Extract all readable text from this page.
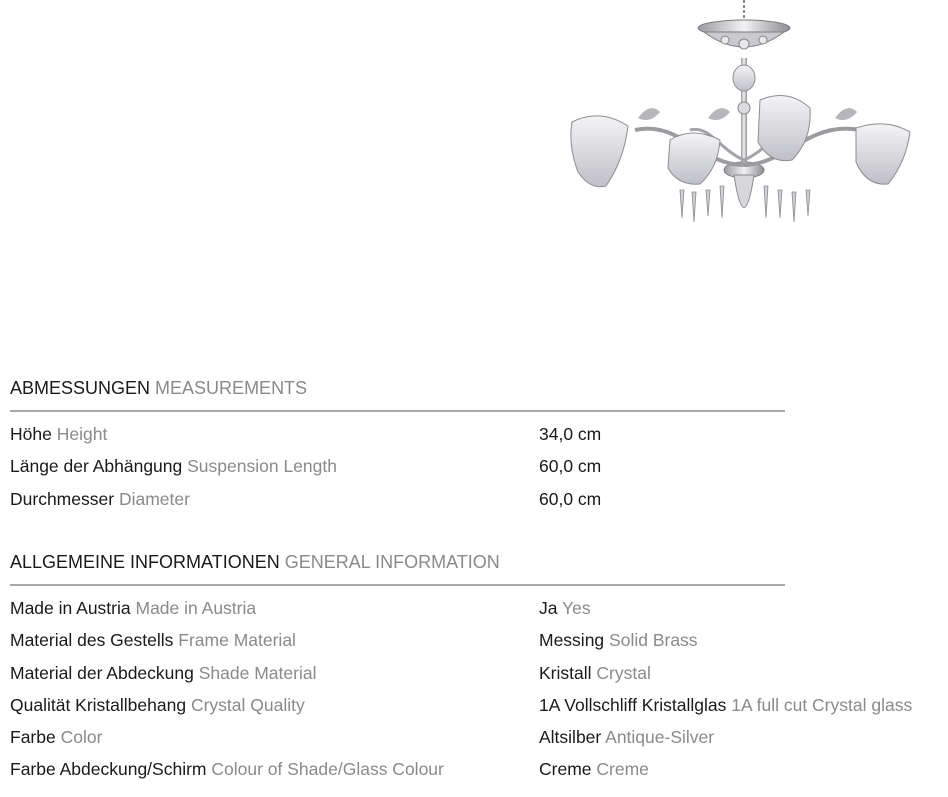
ABMESSUNGEN MEASUREMENTS
Höhe Height	34,0 cm
Länge der Abhängung Suspension Length	60,0 cm
Durchmesser Diameter	60,0 cm
ALLGEMEINE INFORMATIONEN GENERAL INFORMATION
Made in Austria Made in Austria	Ja Yes
Material des Gestells Frame Material	Messing Solid Brass
Material der Abdeckung Shade Material	Kristall Crystal
Qualität Kristallbehang Crystal Quality	1A Vollschliff Kristallglas 1A full cut Crystal glass
Farbe Color	Altsilber Antique-Silver
Farbe Abdeckung/Schirm Colour of Shade/Glass Colour	Creme Creme
